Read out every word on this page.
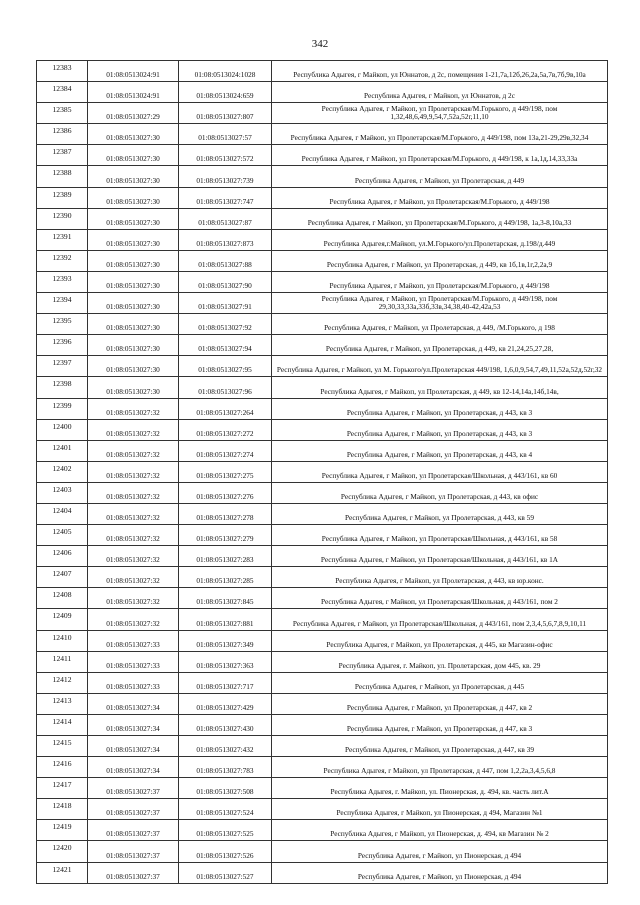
342
12383	01:08:0513024:91	01:08:0513024:1028	Республика Адыгея, г Майкоп, ул Юннатов, д 2с, помещения 1-21,7а,12б,26,2а,5а,7в,7б,9в,10а
12384	01:08:0513024:91	01:08:0513024:659	Республика Адыгея, г Майкоп, ул Юннатов, д 2с
12385	01:08:0513027:29	01:08:0513027:807	Республика Адыгея, г Майкоп, ул Пролетарская/М.Горького, д 449/198, пом 1,32,48,6,49,9,54,7,52а,52г,11,10
12386	01:08:0513027:30	01:08:0513027:57	Республика Адыгея, г Майкоп, ул Пролетарская/М.Горького, д 449/198, пом 13а,21-29,29в,32,34
12387	01:08:0513027:30	01:08:0513027:572	Республика Адыгея, г Майкоп, ул Пролетарская/М.Горького, д 449/198, к 1а,1д,14,33,33а
12388	01:08:0513027:30	01:08:0513027:739	Республика Адыгея, г Майкоп, ул Пролетарская, д 449
12389	01:08:0513027:30	01:08:0513027:747	Республика Адыгея, г Майкоп, ул Пролетарская/М.Горького, д 449/198
12390	01:08:0513027:30	01:08:0513027:87	Республика Адыгея, г Майкоп, ул Пролетарская/М.Горького, д 449/198, 1а,3-8,10а,33
12391	01:08:0513027:30	01:08:0513027:873	Республика Адыгея,г.Майкоп, ул.М.Горького/ул.Пролетарская, д.198/д.449
12392	01:08:0513027:30	01:08:0513027:88	Республика Адыгея, г Майкоп, ул Пролетарская, д 449, кв 1б,1в,1г,2,2а,9
12393	01:08:0513027:30	01:08:0513027:90	Республика Адыгея, г Майкоп, ул Пролетарская/М.Горького, д 449/198
12394	01:08:0513027:30	01:08:0513027:91	Республика Адыгея, г Майкоп, ул Пролетарская/М.Горького, д 449/198, пом 29,30,33,33а,33б,33в,34,38,40-42,42а,53
12395	01:08:0513027:30	01:08:0513027:92	Республика Адыгея, г Майкоп, ул Пролетарская, д 449, /М.Горького, д 198
12396	01:08:0513027:30	01:08:0513027:94	Республика Адыгея, г Майкоп, ул Пролетарская, д 449, кв 21,24,25,27,28,
12397	01:08:0513027:30	01:08:0513027:95	Республика Адыгея, г Майкоп, ул М. Горького/ул.Пролетарская 449/198, 1,6,0,9,54,7,49,11,52а,52д,52г,32
12398	01:08:0513027:30	01:08:0513027:96	Республика Адыгея, г Майкоп, ул Пролетарская, д 449, кв 12-14,14а,14б,14в,
12399	01:08:0513027:32	01:08:0513027:264	Республика Адыгея, г Майкоп, ул Пролетарская, д 443, кв 3
12400	01:08:0513027:32	01:08:0513027:272	Республика Адыгея, г Майкоп, ул Пролетарская, д 443, кв 3
12401	01:08:0513027:32	01:08:0513027:274	Республика Адыгея, г Майкоп, ул Пролетарская, д 443, кв 4
12402	01:08:0513027:32	01:08:0513027:275	Республика Адыгея, г Майкоп, ул Пролетарская/Школьная, д 443/161, кв 60
12403	01:08:0513027:32	01:08:0513027:276	Республика Адыгея, г Майкоп, ул Пролетарская, д 443, кв офис
12404	01:08:0513027:32	01:08:0513027:278	Республика Адыгея, г Майкоп, ул Пролетарская, д 443, кв 59
12405	01:08:0513027:32	01:08:0513027:279	Республика Адыгея, г Майкоп, ул Пролетарская/Школьная, д 443/161, кв 58
12406	01:08:0513027:32	01:08:0513027:283	Республика Адыгея, г Майкоп, ул Пролетарская/Школьная, д 443/161, кв 1А
12407	01:08:0513027:32	01:08:0513027:285	Республика Адыгея, г Майкоп, ул Пролетарская, д 443, кв юр.конс.
12408	01:08:0513027:32	01:08:0513027:845	Республика Адыгея, г Майкоп, ул Пролетарская/Школьная, д 443/161, пом 2
12409	01:08:0513027:32	01:08:0513027:881	Республика Адыгея, г Майкоп, ул Пролетарская/Школьная, д 443/161, пом 2,3,4,5,6,7,8,9,10,11
12410	01:08:0513027:33	01:08:0513027:349	Республика Адыгея, г Майкоп, ул Пролетарская, д 445, кв Магазин-офис
12411	01:08:0513027:33	01:08:0513027:363	Республика Адыгея, г. Майкоп, ул. Пролетарская, дом 445, кв. 29
12412	01:08:0513027:33	01:08:0513027:717	Республика Адыгея, г Майкоп, ул Пролетарская, д 445
12413	01:08:0513027:34	01:08:0513027:429	Республика Адыгея, г Майкоп, ул Пролетарская, д 447, кв 2
12414	01:08:0513027:34	01:08:0513027:430	Республика Адыгея, г Майкоп, ул Пролетарская, д 447, кв 3
12415	01:08:0513027:34	01:08:0513027:432	Республика Адыгея, г Майкоп, ул Пролетарская, д 447, кв 39
12416	01:08:0513027:34	01:08:0513027:783	Республика Адыгея, г Майкоп, ул Пролетарская, д 447, пом 1,2,2а,3,4,5,6,8
12417	01:08:0513027:37	01:08:0513027:508	Республика Адыгея, г. Майкоп, ул. Пионерская, д. 494, кв. часть лит.А
12418	01:08:0513027:37	01:08:0513027:524	Республика Адыгея, г Майкоп, ул Пионерская, д 494, Магазин №1
12419	01:08:0513027:37	01:08:0513027:525	Республика Адыгея, г Майкоп, ул Пионерская, д. 494, кв Магазин № 2
12420	01:08:0513027:37	01:08:0513027:526	Республика Адыгея, г Майкоп, ул Пионерская, д 494
12421	01:08:0513027:37	01:08:0513027:527	Республика Адыгея, г Майкоп, ул Пионерская, д 494
